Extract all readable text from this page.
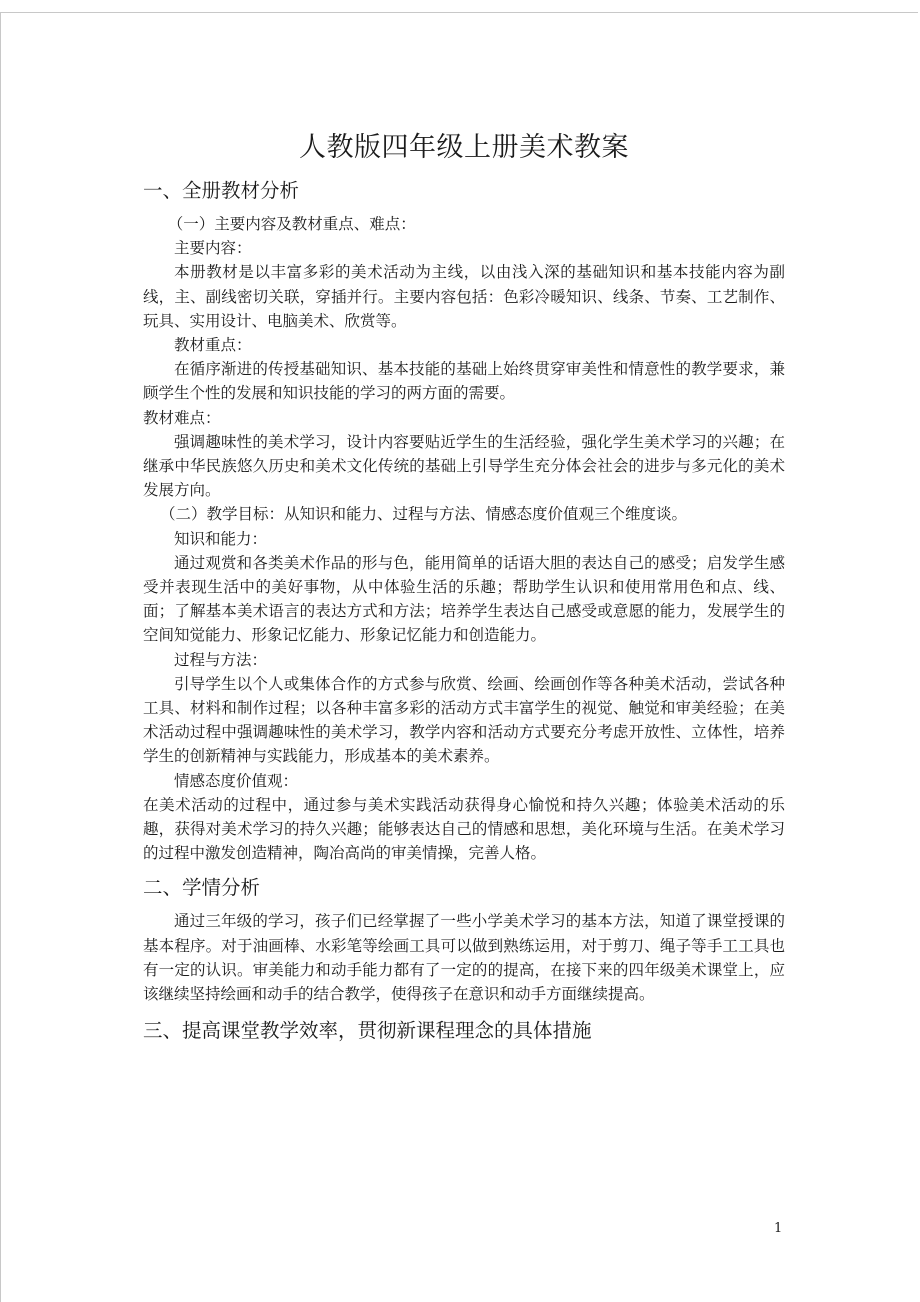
人教版四年级上册美术教案
一、全册教材分析

（一）主要内容及教材重点、难点：

主要内容：

本册教材是以丰富多彩的美术活动为主线，以由浅入深的基础知识和基本技能内容为副线，主、副线密切关联，穿插并行。主要内容包括：色彩冷暖知识、线条、节奏、工艺制作、玩具、实用设计、电脑美术、欣赏等。

教材重点：

在循序渐进的传授基础知识、基本技能的基础上始终贯穿审美性和情意性的教学要求，兼顾学生个性的发展和知识技能的学习的两方面的需要。

教材难点：

强调趣味性的美术学习，设计内容要贴近学生的生活经验，强化学生美术学习的兴趣；在继承中华民族悠久历史和美术文化传统的基础上引导学生充分体会社会的进步与多元化的美术发展方向。

（二）教学目标：从知识和能力、过程与方法、情感态度价值观三个维度谈。

知识和能力：

通过观赏和各类美术作品的形与色，能用简单的话语大胆的表达自己的感受；启发学生感受并表现生活中的美好事物，从中体验生活的乐趣；帮助学生认识和使用常用色和点、线、面；了解基本美术语言的表达方式和方法；培养学生表达自己感受或意愿的能力，发展学生的空间知觉能力、形象记忆能力、形象记忆能力和创造能力。

过程与方法：

引导学生以个人或集体合作的方式参与欣赏、绘画、绘画创作等各种美术活动，尝试各种工具、材料和制作过程；以各种丰富多彩的活动方式丰富学生的视觉、触觉和审美经验；在美术活动过程中强调趣味性的美术学习，教学内容和活动方式要充分考虑开放性、立体性，培养学生的创新精神与实践能力，形成基本的美术素养。

情感态度价值观：

在美术活动的过程中，通过参与美术实践活动获得身心愉悦和持久兴趣；体验美术活动的乐趣，获得对美术学习的持久兴趣；能够表达自己的情感和思想，美化环境与生活。在美术学习的过程中激发创造精神，陶冶高尚的审美情操，完善人格。

二、学情分析

通过三年级的学习，孩子们已经掌握了一些小学美术学习的基本方法，知道了课堂授课的基本程序。对于油画棒、水彩笔等绘画工具可以做到熟练运用，对于剪刀、绳子等手工工具也有一定的认识。审美能力和动手能力都有了一定的的提高，在接下来的四年级美术课堂上，应该继续坚持绘画和动手的结合教学，使得孩子在意识和动手方面继续提高。

三、提高课堂教学效率，贯彻新课程理念的具体措施
1
